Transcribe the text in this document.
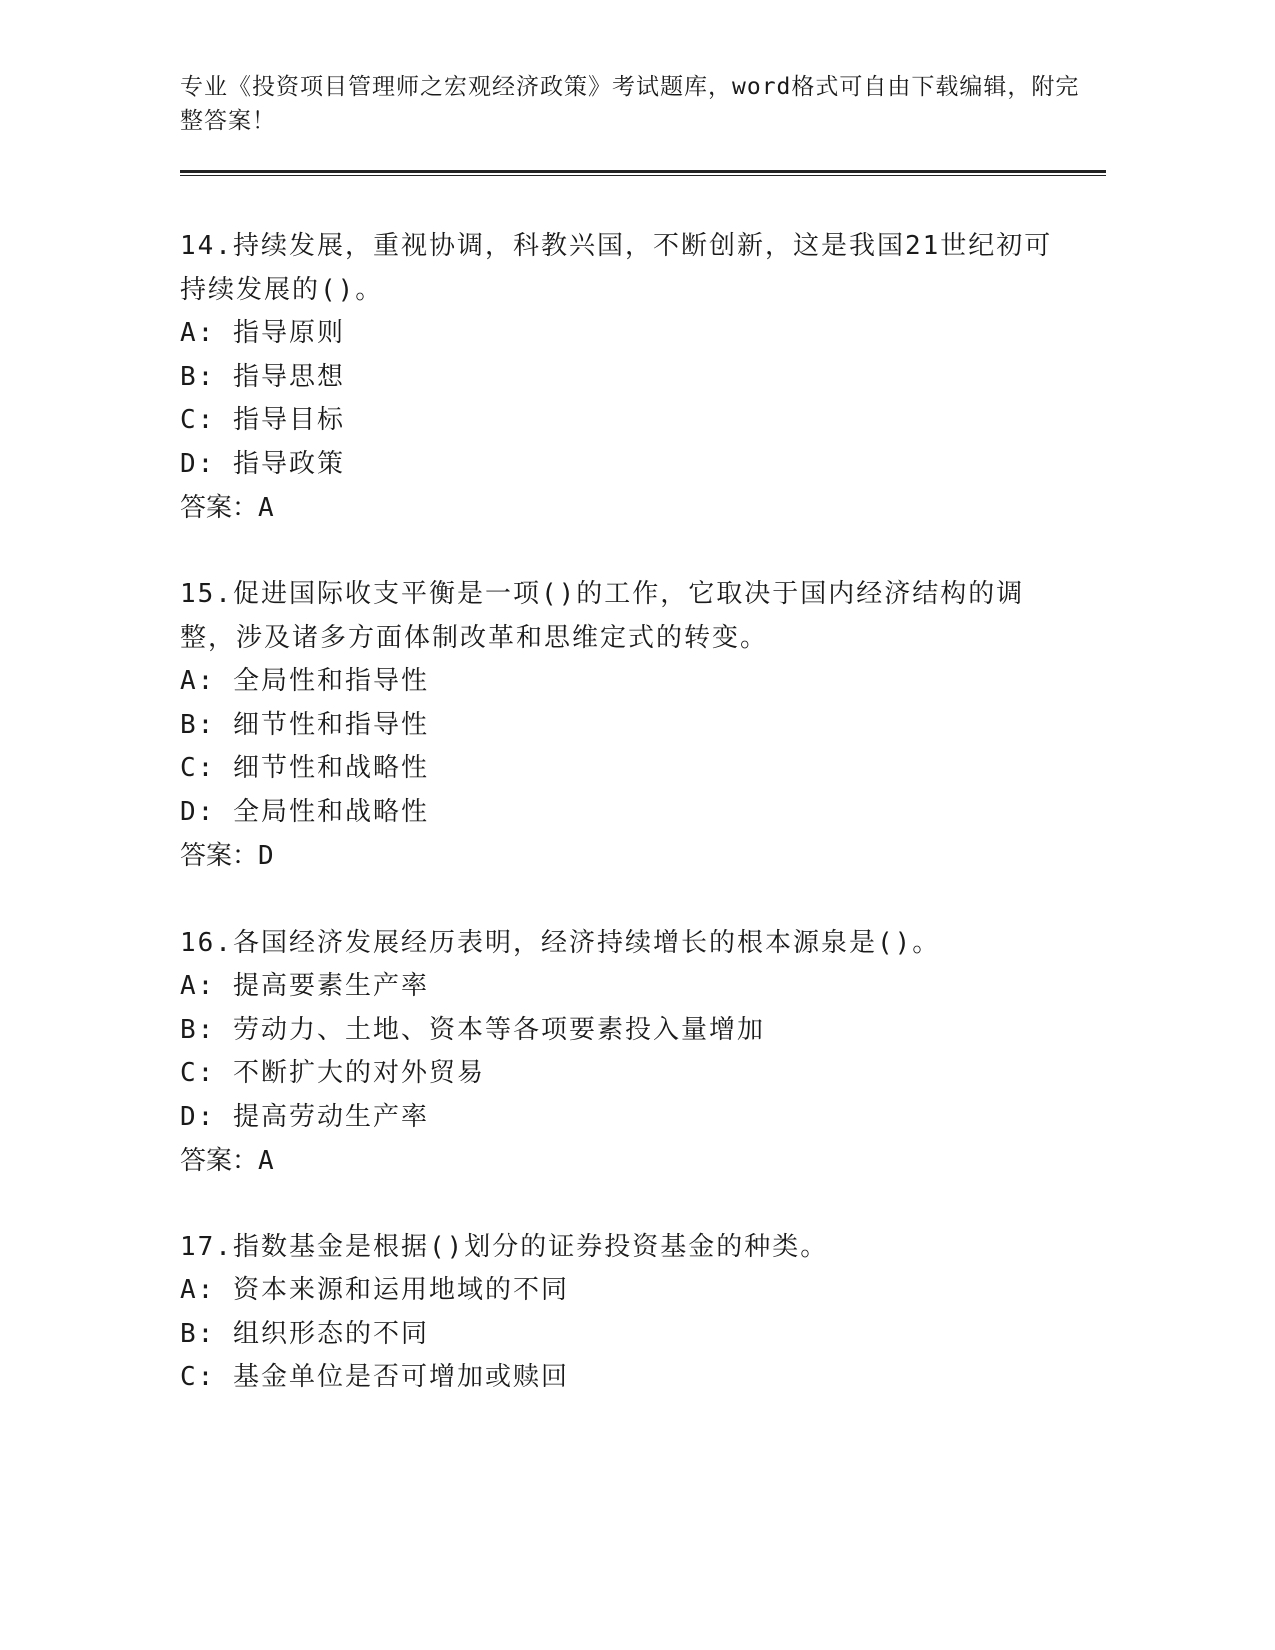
专业《投资项目管理师之宏观经济政策》考试题库，word格式可自由下载编辑，附完整答案！
14.持续发展，重视协调，科教兴国，不断创新，这是我国21世纪初可持续发展的()。
A: 指导原则
B: 指导思想
C: 指导目标
D: 指导政策
答案：A
15.促进国际收支平衡是一项()的工作，它取决于国内经济结构的调整，涉及诸多方面体制改革和思维定式的转变。
A: 全局性和指导性
B: 细节性和指导性
C: 细节性和战略性
D: 全局性和战略性
答案：D
16.各国经济发展经历表明，经济持续增长的根本源泉是()。
A: 提高要素生产率
B: 劳动力、土地、资本等各项要素投入量增加
C: 不断扩大的对外贸易
D: 提高劳动生产率
答案：A
17.指数基金是根据()划分的证券投资基金的种类。
A: 资本来源和运用地域的不同
B: 组织形态的不同
C: 基金单位是否可增加或赎回
